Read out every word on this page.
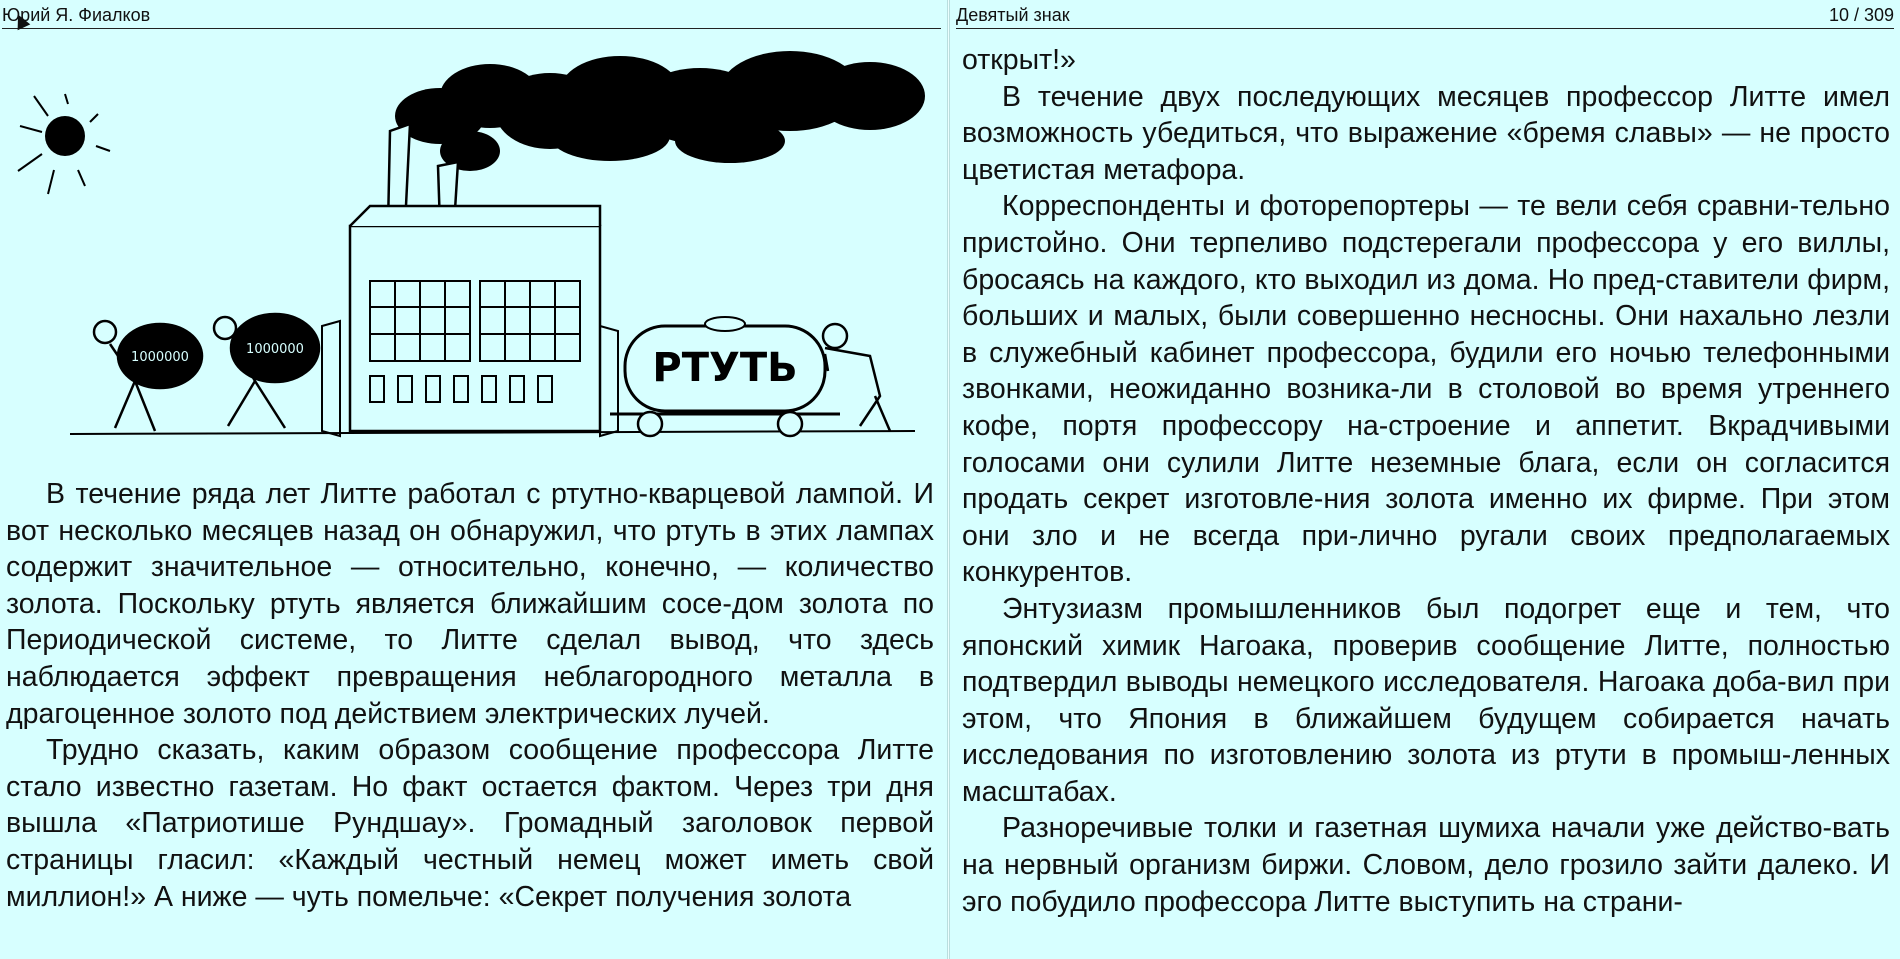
Юрий Я. Фиалков
РТУТЬ
1000000
1000000

В течение ряда лет Литте работал с ртутно-кварцевой лампой. И вот несколько месяцев назад он обнаружил, что ртуть в этих лампах содержит значительное — относительно, конечно, — количество золота. Поскольку ртуть является ближайшим сосе-дом золота по Периодической системе, то Литте сделал вывод, что здесь наблюдается эффект превращения неблагородного металла в драгоценное золото под действием электрических лучей.

Трудно сказать, каким образом сообщение профессора Литте стало известно газетам. Но факт остается фактом. Через три дня вышла «Патриотише Рундшау». Громадный заголовок первой страницы гласил: «Каждый честный немец может иметь свой миллион!» А ниже — чуть помельче: «Секрет получения золота

Девятый знак	10 / 309

открыт!»

В течение двух последующих месяцев профессор Литте имел возможность убедиться, что выражение «бремя славы» — не просто цветистая метафора.

Корреспонденты и фоторепортеры — те вели себя сравни-тельно пристойно. Они терпеливо подстерегали профессора у его виллы, бросаясь на каждого, кто выходил из дома. Но пред-ставители фирм, больших и малых, были совершенно несносны. Они нахально лезли в служебный кабинет профессора, будили его ночью телефонными звонками, неожиданно возника-ли в столовой во время утреннего кофе, портя профессору на-строение и аппетит. Вкрадчивыми голосами они сулили Литте неземные блага, если он согласится продать секрет изготовле-ния золота именно их фирме. При этом они зло и не всегда при-лично ругали своих предполагаемых конкурентов.

Энтузиазм промышленников был подогрет еще и тем, что японский химик Нагоака, проверив сообщение Литте, полностью подтвердил выводы немецкого исследователя. Нагоака доба-вил при этом, что Япония в ближайшем будущем собирается начать исследования по изготовлению золота из ртути в промыш-ленных масштабах.

Разноречивые толки и газетная шумиха начали уже действо-вать на нервный организм биржи. Словом, дело грозило зайти далеко. И эго побудило профессора Литте выступить на страни-
